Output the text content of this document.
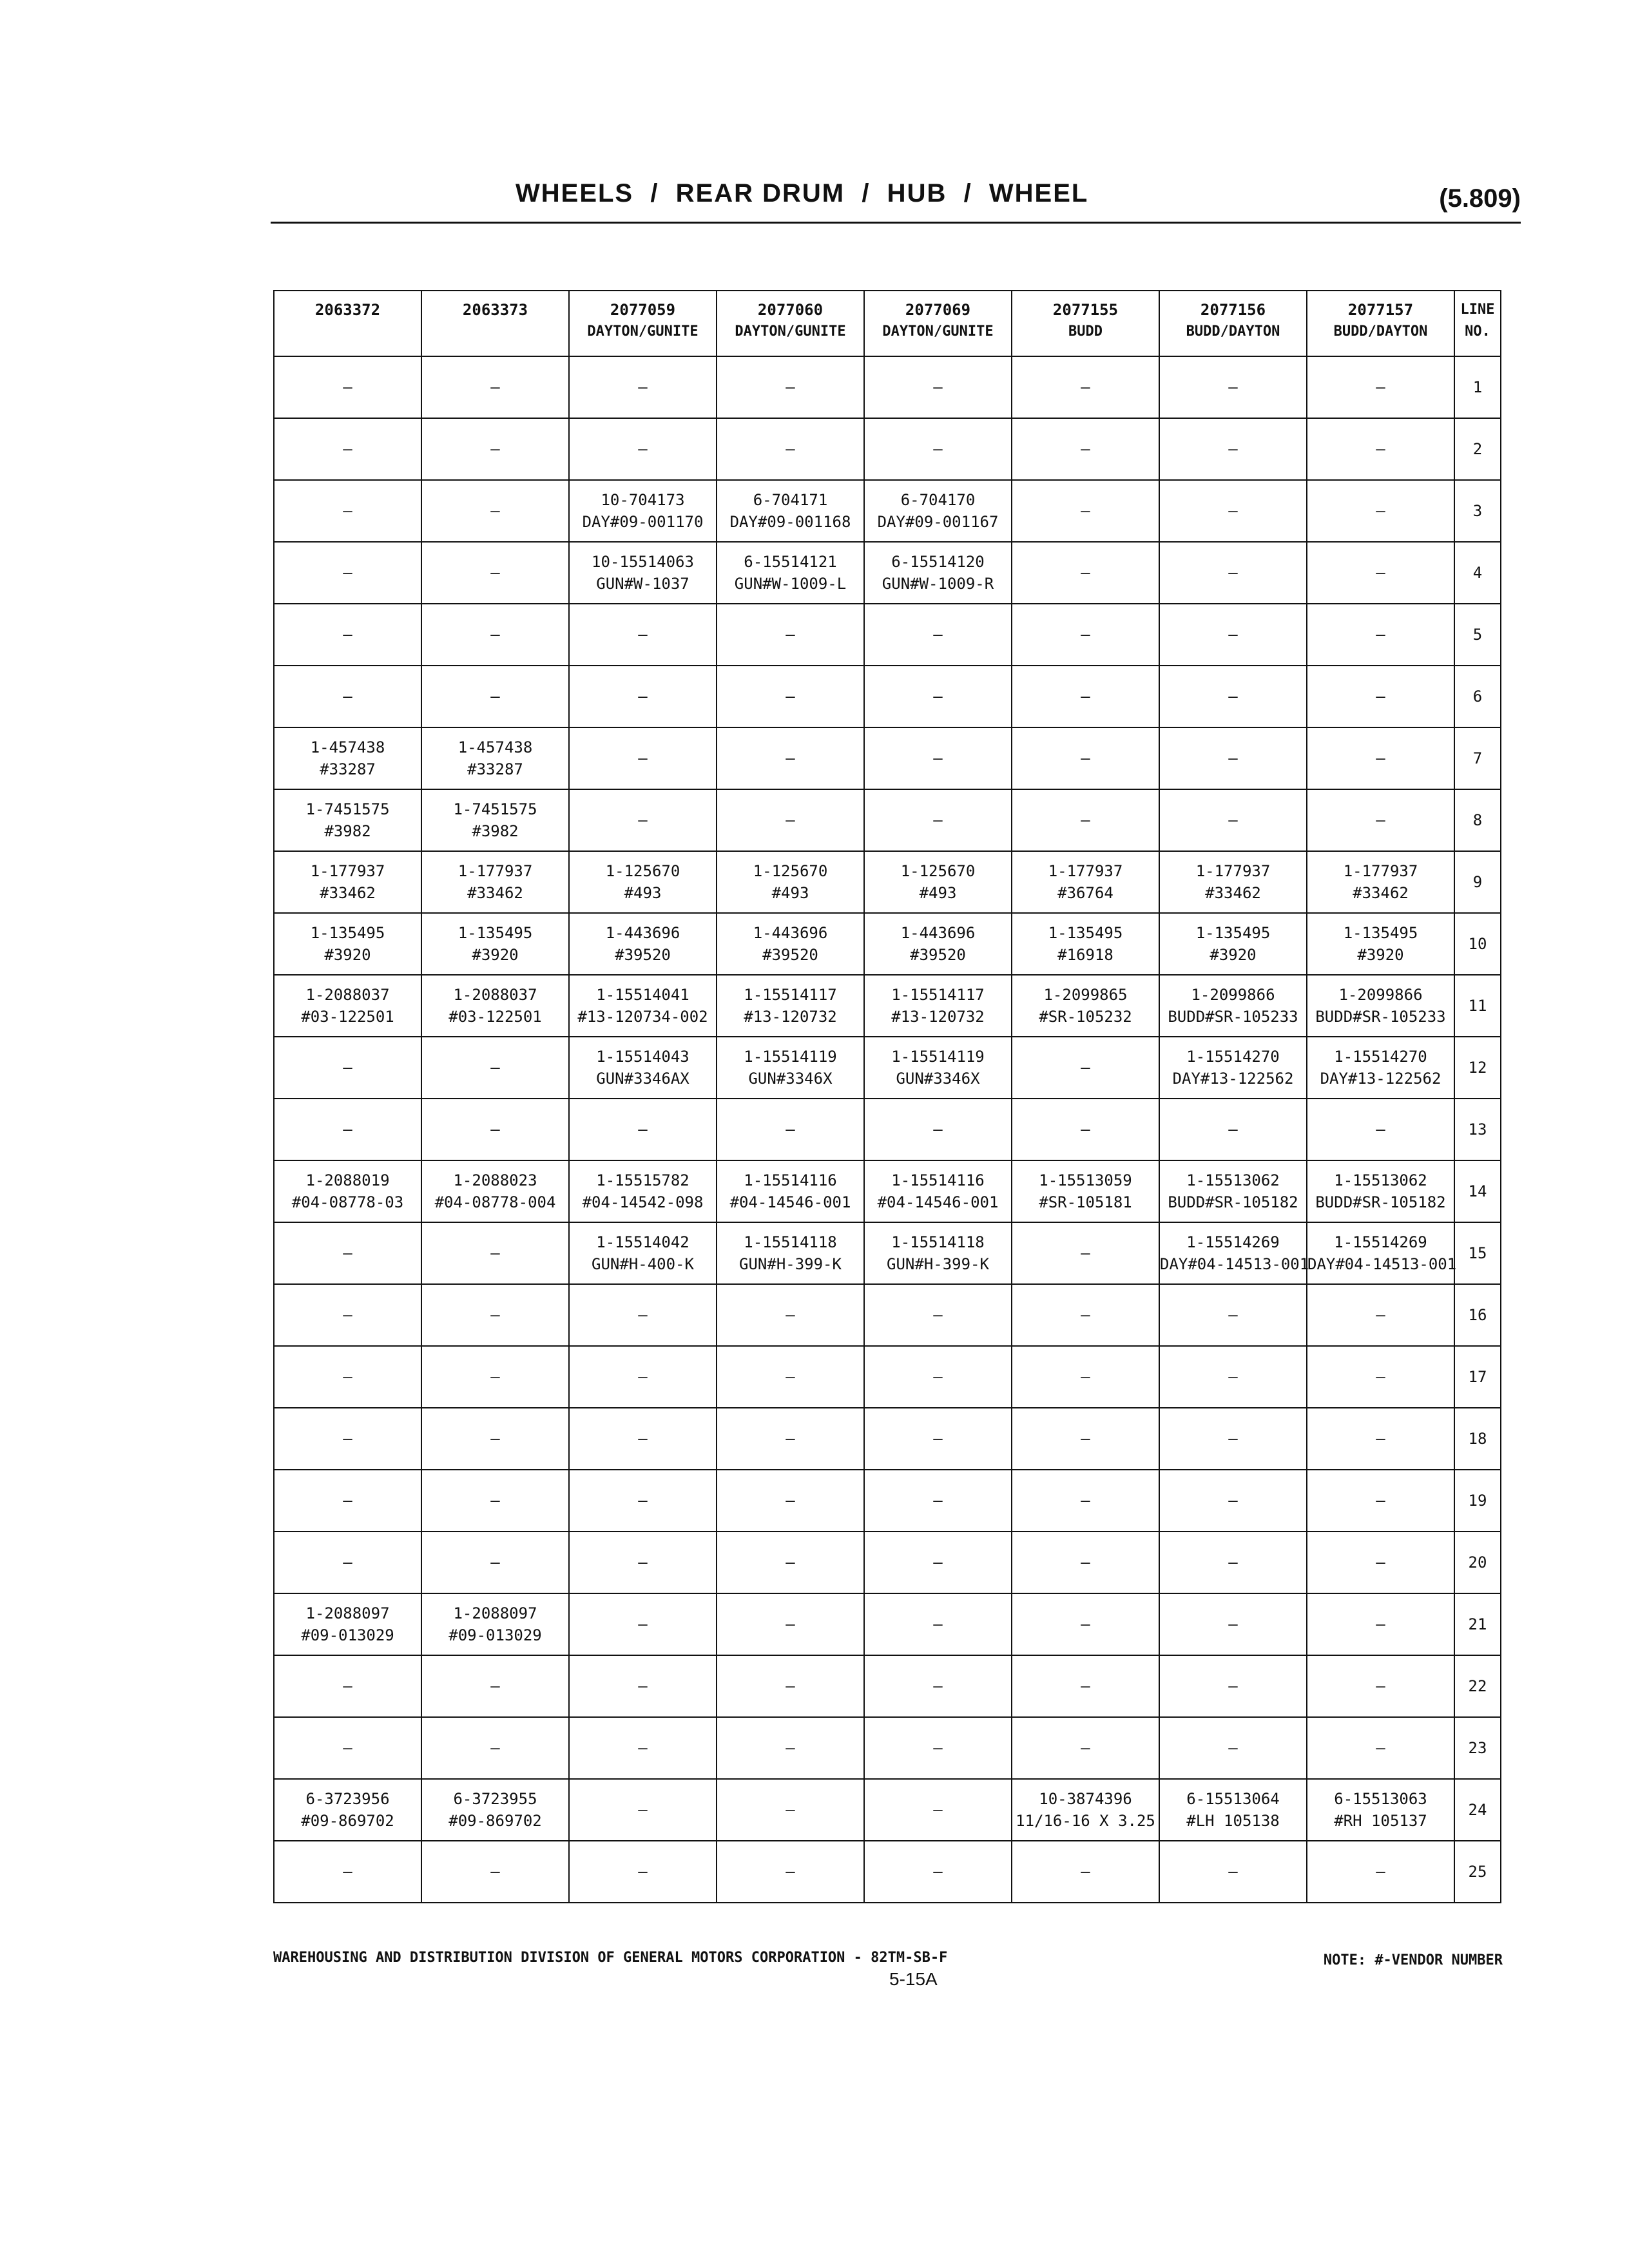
WHEELS  /  REAR DRUM  /  HUB  /  WHEEL	(5.809)
2063372	2063373	2077059
DAYTON/GUNITE	2077060
DAYTON/GUNITE	2077069
DAYTON/GUNITE	2077155
BUDD	2077156
BUDD/DAYTON	2077157
BUDD/DAYTON	LINE
NO.

—	—	—	—	—	—	—	—	1

—	—	—	—	—	—	—	—	2

—	—	10-704173
DAY#09-001170	6-704171
DAY#09-001168	6-704170
DAY#09-001167	—	—	—	3

—	—	10-15514063
GUN#W-1037	6-15514121
GUN#W-1009-L	6-15514120
GUN#W-1009-R	—	—	—	4

—	—	—	—	—	—	—	—	5

—	—	—	—	—	—	—	—	6

1-457438
#33287	1-457438
#33287	—	—	—	—	—	—	7

1-7451575
#3982	1-7451575
#3982	—	—	—	—	—	—	8

1-177937
#33462	1-177937
#33462	1-125670
#493	1-125670
#493	1-125670
#493	1-177937
#36764	1-177937
#33462	1-177937
#33462	9

1-135495
#3920	1-135495
#3920	1-443696
#39520	1-443696
#39520	1-443696
#39520	1-135495
#16918	1-135495
#3920	1-135495
#3920	10

1-2088037
#03-122501	1-2088037
#03-122501	1-15514041
#13-120734-002	1-15514117
#13-120732	1-15514117
#13-120732	1-2099865
#SR-105232	1-2099866
BUDD#SR-105233	1-2099866
BUDD#SR-105233	11

—	—	1-15514043
GUN#3346AX	1-15514119
GUN#3346X	1-15514119
GUN#3346X	—	1-15514270
DAY#13-122562	1-15514270
DAY#13-122562	12

—	—	—	—	—	—	—	—	13

1-2088019
#04-08778-03	1-2088023
#04-08778-004	1-15515782
#04-14542-098	1-15514116
#04-14546-001	1-15514116
#04-14546-001	1-15513059
#SR-105181	1-15513062
BUDD#SR-105182	1-15513062
BUDD#SR-105182	14

—	—	1-15514042
GUN#H-400-K	1-15514118
GUN#H-399-K	1-15514118
GUN#H-399-K	—	1-15514269
DAY#04-14513-001	1-15514269
DAY#04-14513-001	15

—	—	—	—	—	—	—	—	16

—	—	—	—	—	—	—	—	17

—	—	—	—	—	—	—	—	18

—	—	—	—	—	—	—	—	19

—	—	—	—	—	—	—	—	20

1-2088097
#09-013029	1-2088097
#09-013029	—	—	—	—	—	—	21

—	—	—	—	—	—	—	—	22

—	—	—	—	—	—	—	—	23

6-3723956
#09-869702	6-3723955
#09-869702	—	—	—	10-3874396
11/16-16 X 3.25	6-15513064
#LH 105138	6-15513063
#RH 105137	24

—	—	—	—	—	—	—	—	25
WAREHOUSING AND DISTRIBUTION DIVISION OF GENERAL MOTORS CORPORATION - 82TM-SB-F
5-15A
NOTE: #-VENDOR NUMBER
